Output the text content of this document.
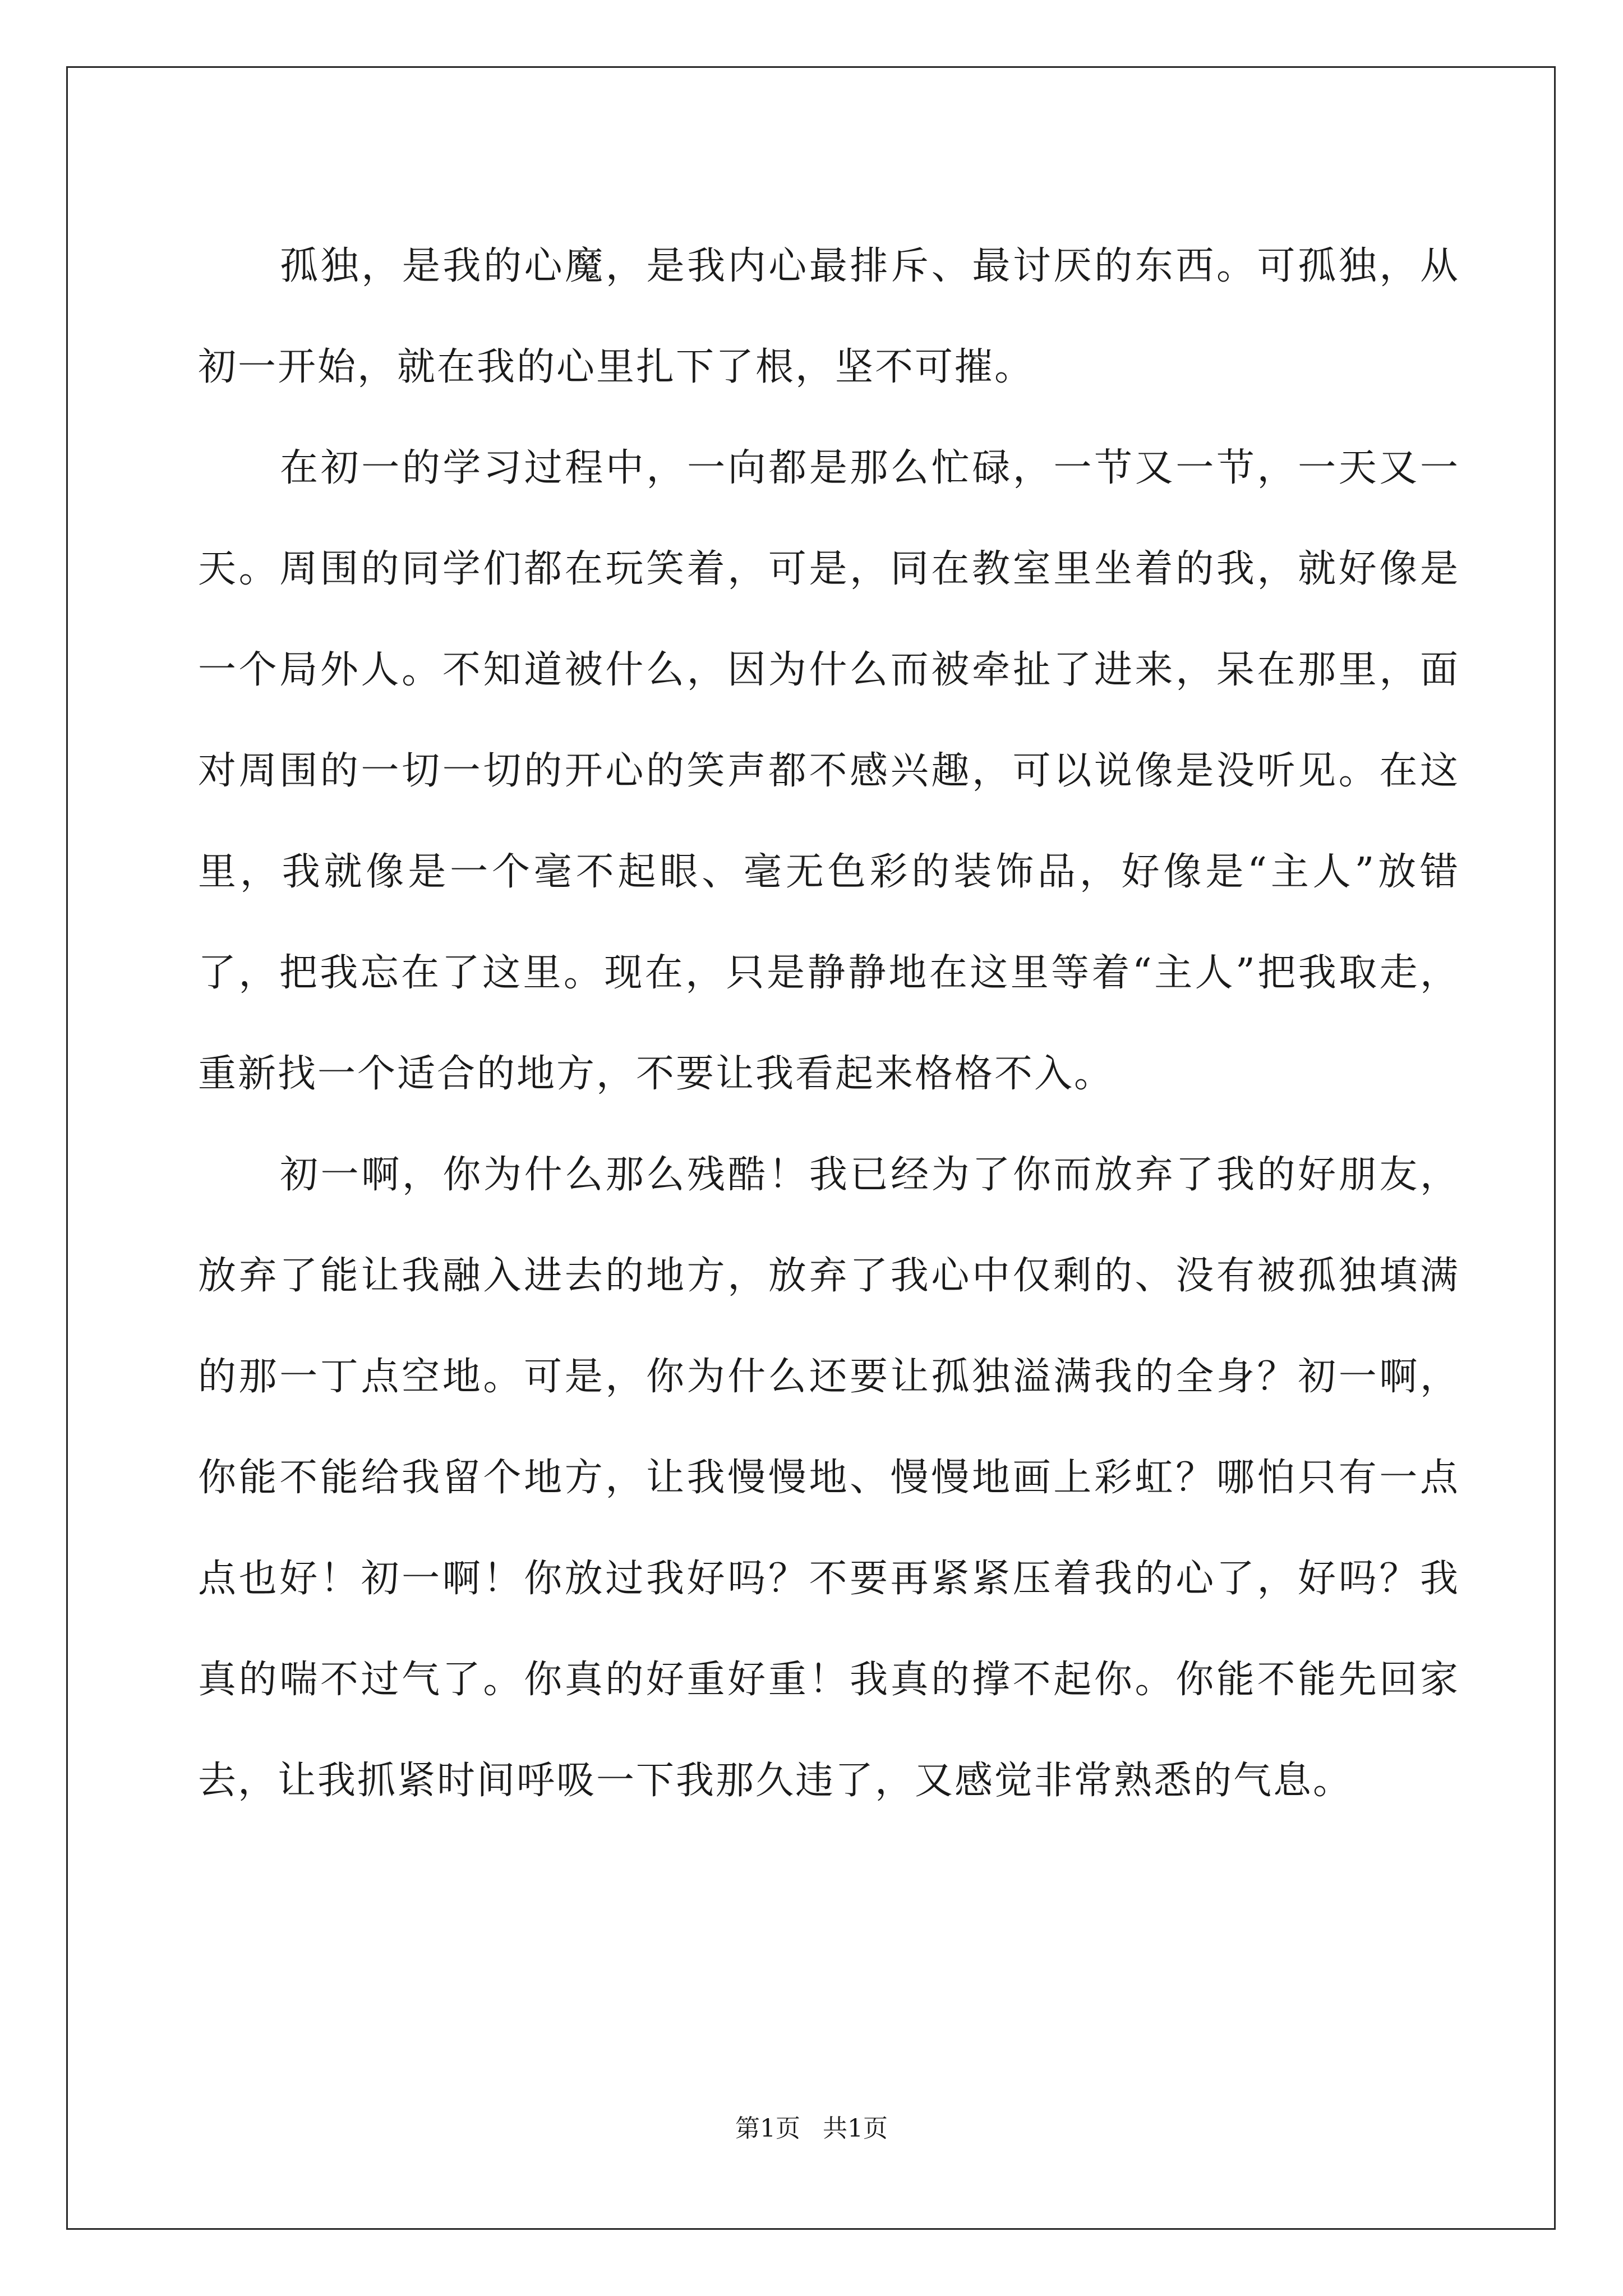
孤独，是我的心魔，是我内心最排斥、最讨厌的东西。可孤独，从初一开始，就在我的心里扎下了根，坚不可摧。

在初一的学习过程中，一向都是那么忙碌，一节又一节，一天又一天。周围的同学们都在玩笑着，可是，同在教室里坐着的我，就好像是一个局外人。不知道被什么，因为什么而被牵扯了进来，呆在那里，面对周围的一切一切的开心的笑声都不感兴趣，可以说像是没听见。在这里，我就像是一个毫不起眼、毫无色彩的装饰品，好像是“主人”放错了，把我忘在了这里。现在，只是静静地在这里等着“主人”把我取走，重新找一个适合的地方，不要让我看起来格格不入。

初一啊，你为什么那么残酷！我已经为了你而放弃了我的好朋友，放弃了能让我融入进去的地方，放弃了我心中仅剩的、没有被孤独填满的那一丁点空地。可是，你为什么还要让孤独溢满我的全身？初一啊，你能不能给我留个地方，让我慢慢地、慢慢地画上彩虹？哪怕只有一点点也好！初一啊！你放过我好吗？不要再紧紧压着我的心了，好吗？我真的喘不过气了。你真的好重好重！我真的撑不起你。你能不能先回家去，让我抓紧时间呼吸一下我那久违了，又感觉非常熟悉的气息。

第1页 共1页
